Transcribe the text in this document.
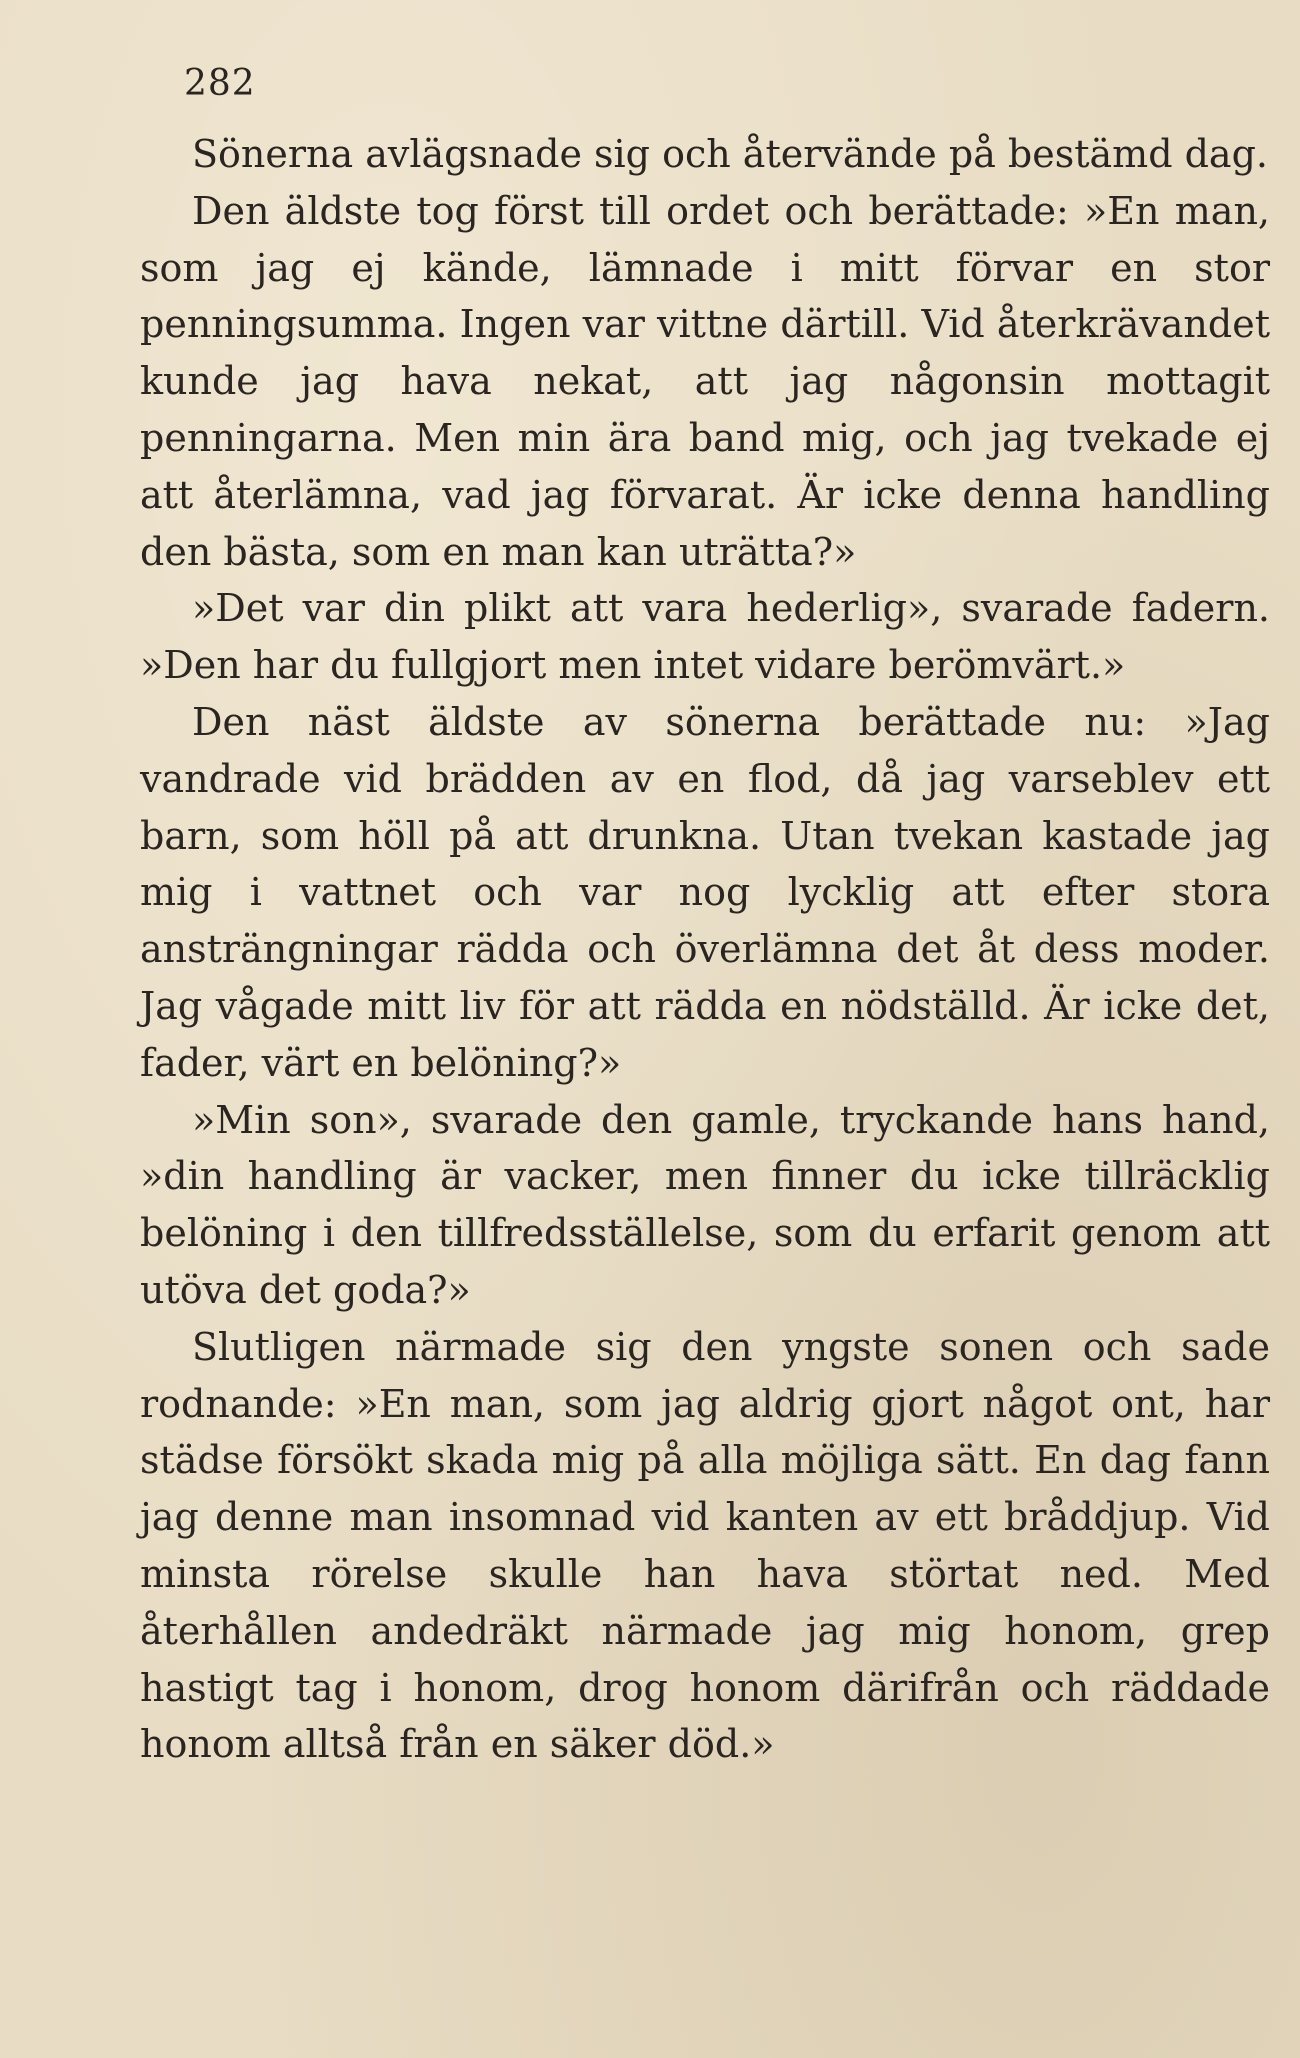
282

Sönerna avlägsnade sig och återvände på bestämd dag.

Den äldste tog först till ordet och berättade: »En man, som jag ej kände, lämnade i mitt förvar en stor penningsumma. Ingen var vittne därtill. Vid återkrävandet kunde jag hava nekat, att jag någonsin mottagit penningarna. Men min ära band mig, och jag tvekade ej att återlämna, vad jag förvarat. Är icke denna handling den bästa, som en man kan uträtta?»

»Det var din plikt att vara hederlig», svarade fadern. »Den har du fullgjort men intet vidare berömvärt.»

Den näst äldste av sönerna berättade nu: »Jag vandrade vid brädden av en flod, då jag varseblev ett barn, som höll på att drunkna. Utan tvekan kastade jag mig i vattnet och var nog lycklig att efter stora ansträngningar rädda och överlämna det åt dess moder. Jag vågade mitt liv för att rädda en nödställd. Är icke det, fader, värt en belöning?»

»Min son», svarade den gamle, tryckande hans hand, »din handling är vacker, men finner du icke tillräcklig belöning i den tillfredsställelse, som du erfarit genom att utöva det goda?»

Slutligen närmade sig den yngste sonen och sade rodnande: »En man, som jag aldrig gjort något ont, har städse försökt skada mig på alla möjliga sätt. En dag fann jag denne man insomnad vid kanten av ett bråddjup. Vid minsta rörelse skulle han hava störtat ned. Med återhållen andedräkt närmade jag mig honom, grep hastigt tag i honom, drog honom därifrån och räddade honom alltså från en säker död.»
